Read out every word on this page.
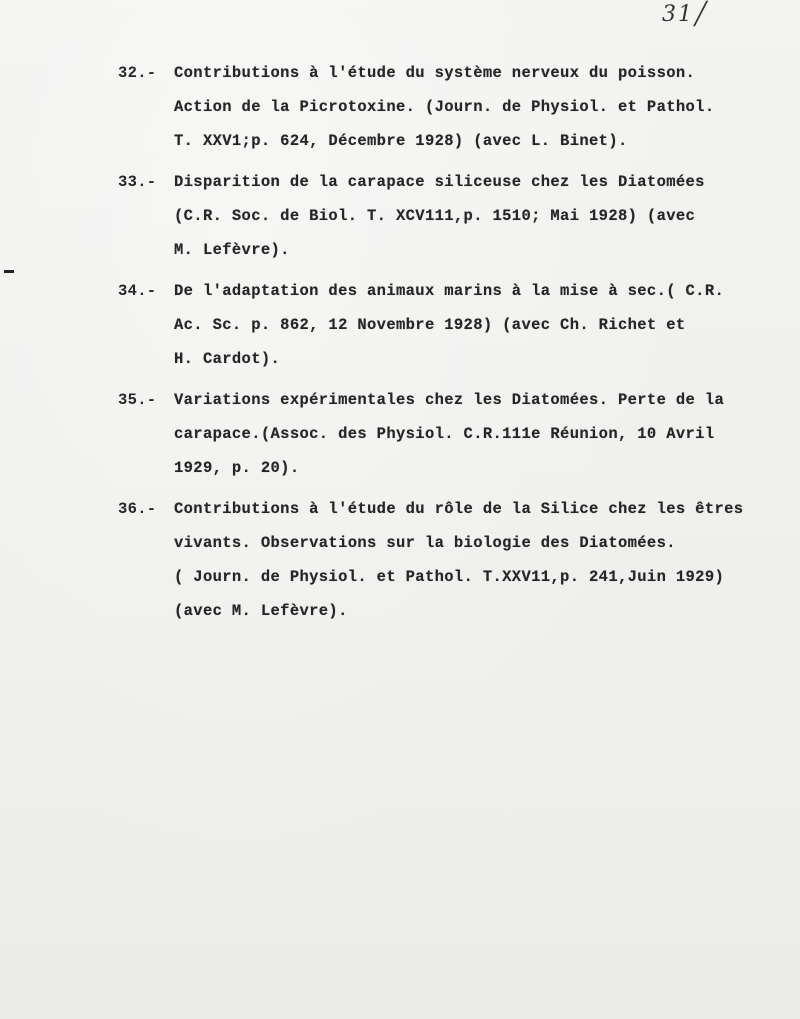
31╱
32.- Contributions à l'étude du système nerveux du poisson.
Action de la Picrotoxine. (Journ. de Physiol. et Pathol.
T. XXV1;p. 624, Décembre 1928) (avec L. Binet).
33.- Disparition de la carapace siliceuse chez les Diatomées
(C.R. Soc. de Biol. T. XCV111,p. 1510; Mai 1928) (avec
M. Lefèvre).
34.- De l'adaptation des animaux marins à la mise à sec.( C.R.
Ac. Sc. p. 862, 12 Novembre 1928) (avec Ch. Richet et
H. Cardot).
35.- Variations expérimentales chez les Diatomées. Perte de la
carapace.(Assoc. des Physiol. C.R.111e Réunion, 10 Avril
1929, p. 20).
36.- Contributions à l'étude du rôle de la Silice chez les êtres
vivants. Observations sur la biologie des Diatomées.
( Journ. de Physiol. et Pathol. T.XXV11,p. 241,Juin 1929)
(avec M. Lefèvre).
